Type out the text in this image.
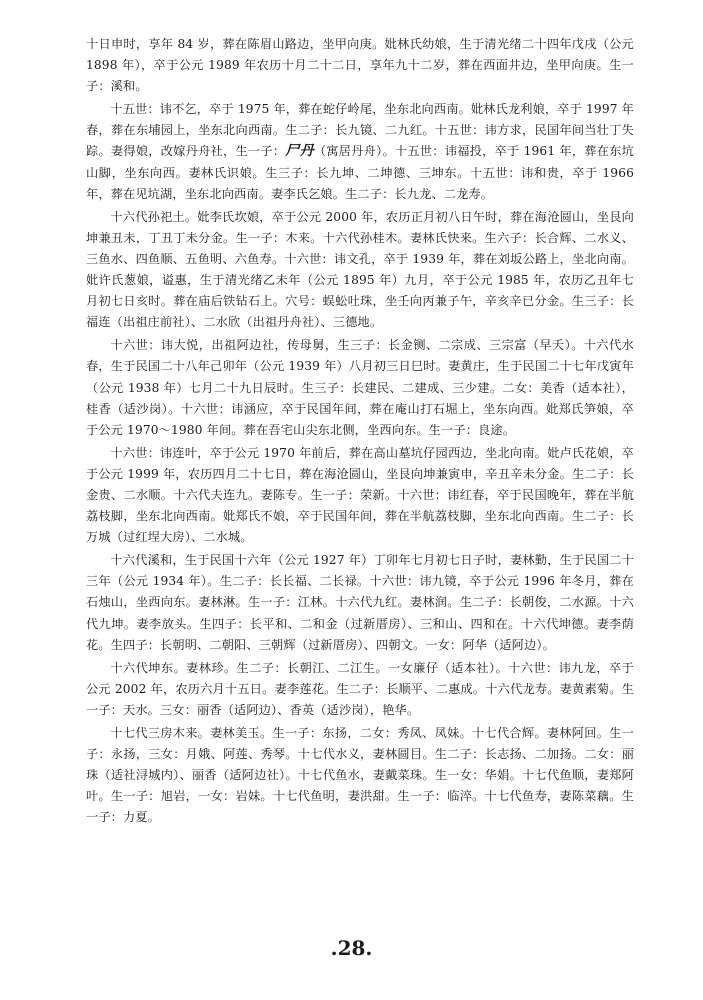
十日申时，享年 84 岁，葬在陈眉山路边，坐甲向庚。妣林氏幼娘，生于清光绪二十四年戊戌（公元 1898 年），卒于公元 1989 年农历十月二十二日，享年九十二岁，葬在西面井边，坐甲向庚。生一子：溪和。

十五世：讳不乞，卒于 1975 年，葬在蛇仔岭尾，坐东北向西南。妣林氏龙利娘，卒于 1997 年春，葬在东埔园上，坐东北向西南。生二子：长九镜、二九红。十五世：讳方求，民国年间当壮丁失踪。妻得娘，改嫁丹舟社，生一子：尸丹（寓居丹舟）。十五世：讳福投，卒于 1961 年，葬在东坑山脚，坐东向西。妻林氏识娘。生三子：长九坤、二坤德、三坤东。十五世：讳和贵，卒于 1966 年，葬在见坑湖，坐东北向西南。妻李氏乞娘。生二子：长九龙、二龙寿。

十六代孙祀土。妣李氏坎娘，卒于公元 2000 年，农历正月初八日午时，葬在海沧圆山，坐艮向坤兼丑未，丁丑丁未分金。生一子：木来。十六代孙桂木。妻林氏快来。生六子：长合辉、二水义、三鱼水、四鱼顺、五鱼明、六鱼寿。十六世：讳文孔，卒于 1939 年，葬在刘坂公路上，坐北向南。妣许氏葱娘，谥惠，生于清光绪乙未年（公元 1895 年）九月，卒于公元 1985 年，农历乙丑年七月初七日亥时。葬在庙后铁钻石上。穴号：蜈蚣吐珠，坐壬向丙兼子午，辛亥辛已分金。生三子：长福连（出祖庄前社）、二水欣（出祖丹舟社）、三德地。

十六世：讳大悦，出祖阿边社，传母舅，生三子：长金铡、二宗成、三宗富（早夭）。十六代水春，生于民国二十八年己卯年（公元 1939 年）八月初三日巳时。妻黄庄，生于民国二十七年戊寅年（公元 1938 年）七月二十九日辰时。生三子：长建民、二建成、三少建。二女：美香（适本社），桂香（适沙岗）。十六世：讳涵应，卒于民国年间，葬在庵山打石堀上，坐东向西。妣郑氏笋娘，卒于公元 1970～1980 年间。葬在吾宅山尖东北侧，坐西向东。生一子：良途。

十六世：讳连叶，卒于公元 1970 年前后，葬在高山墓坑仔园西边，坐北向南。妣卢氏花娘，卒于公元 1999 年，农历四月二十七日，葬在海沧圆山，坐艮向坤兼寅申，辛丑辛未分金。生二子：长金贵、二水顺。十六代夫连九。妻陈专。生一子：荣新。十六世：讳红春，卒于民国晚年，葬在半航荔枝脚，坐东北向西南。妣郑氏不娘，卒于民国年间，葬在半航荔枝脚，坐东北向西南。生二子：长万城（过红埕大房）、二水城。

十六代溪和，生于民国十六年（公元 1927 年）丁卯年七月初七日子时，妻林勤，生于民国二十三年（公元 1934 年）。生二子：长长福、二长禄。十六世：讳九镜，卒于公元 1996 年冬月，葬在石烛山，坐西向东。妻林淋。生一子：江林。十六代九红。妻林润。生二子：长朝俊，二水源。十六代九坤。妻李放头。生四子：长平和、二和金（过新厝房）、三和山、四和在。十六代坤德。妻李荫花。生四子：长朝明、二朝阳、三朝辉（过新厝房）、四朝文。一女：阿华（适阿边）。

十六代坤东。妻林珍。生二子：长朝江、二江生。一女廉仔（适本社）。十六世：讳九龙，卒于公元 2002 年，农历六月十五日。妻李莲花。生二子：长顺平、二惠成。十六代龙寿。妻黄素菊。生一子：天水。三女：丽香（适阿边）、香英（适沙岗），艳华。

十七代三房木来。妻林美玉。生一子：东扬，二女：秀凤、凤妹。十七代合辉。妻林阿回。生一子：永扬，三女：月娥、阿莲、秀琴。十七代水义，妻林圆目。生二子：长志扬、二加扬。二女：丽珠（适社浔城内）、丽香（适阿边社）。十七代鱼水，妻戴菜珠。生一女：华娟。十七代鱼顺，妻郑阿叶。生一子：旭岩，一女：岩妹。十七代鱼明，妻洪甜。生一子：临淬。十七代鱼寿，妻陈菜藕。生一子：力夏。

.28.
